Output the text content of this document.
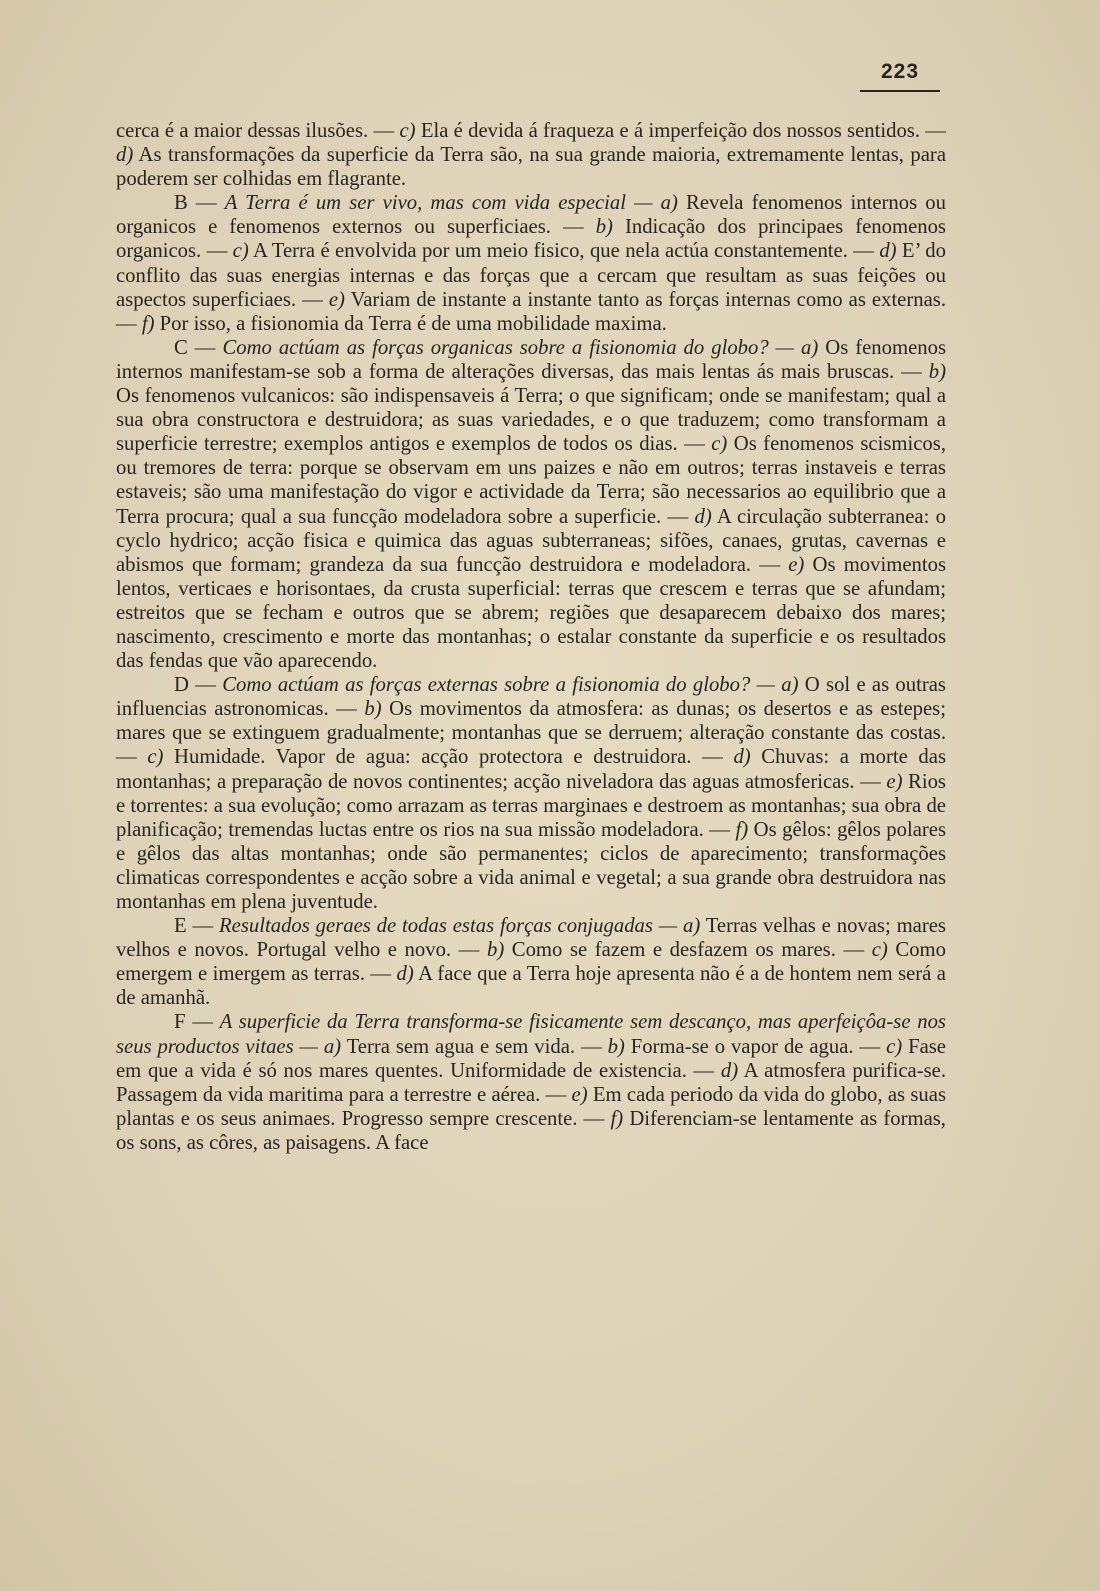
223

cerca é a maior dessas ilusões. — c) Ela é devida á fraqueza e á imperfeição dos nossos sentidos. — d) As transformações da superficie da Terra são, na sua grande maioria, extremamente lentas, para poderem ser colhidas em flagrante.

B — A Terra é um ser vivo, mas com vida especial — a) Revela fenomenos internos ou organicos e fenomenos externos ou superficiaes. — b) Indicação dos principaes fenomenos organicos. — c) A Terra é envolvida por um meio fisico, que nela actúa constantemente. — d) E’ do conflito das suas energias internas e das forças que a cercam que resultam as suas feições ou aspectos superficiaes. — e) Variam de instante a instante tanto as forças internas como as externas. — f) Por isso, a fisionomia da Terra é de uma mobilidade maxima.

C — Como actúam as forças organicas sobre a fisionomia do globo? — a) Os fenomenos internos manifestam-se sob a forma de alterações diversas, das mais lentas ás mais bruscas. — b) Os fenomenos vulcanicos: são indispensaveis á Terra; o que significam; onde se manifestam; qual a sua obra constructora e destruidora; as suas variedades, e o que traduzem; como transformam a superficie terrestre; exemplos antigos e exemplos de todos os dias. — c) Os fenomenos scismicos, ou tremores de terra: porque se observam em uns paizes e não em outros; terras instaveis e terras estaveis; são uma manifestação do vigor e actividade da Terra; são necessarios ao equilibrio que a Terra procura; qual a sua funcção modeladora sobre a superficie. — d) A circulação subterranea: o cyclo hydrico; acção fisica e quimica das aguas subterraneas; sifões, canaes, grutas, cavernas e abismos que formam; grandeza da sua funcção destruidora e modeladora. — e) Os movimentos lentos, verticaes e horisontaes, da crusta superficial: terras que crescem e terras que se afundam; estreitos que se fecham e outros que se abrem; regiões que desaparecem debaixo dos mares; nascimento, crescimento e morte das montanhas; o estalar constante da superficie e os resultados das fendas que vão aparecendo.

D — Como actúam as forças externas sobre a fisionomia do globo? — a) O sol e as outras influencias astronomicas. — b) Os movimentos da atmosfera: as dunas; os desertos e as estepes; mares que se extinguem gradualmente; montanhas que se derruem; alteração constante das costas. — c) Humidade. Vapor de agua: acção protectora e destruidora. — d) Chuvas: a morte das montanhas; a preparação de novos continentes; acção niveladora das aguas atmosfericas. — e) Rios e torrentes: a sua evolução; como arrazam as terras marginaes e destroem as montanhas; sua obra de planificação; tremendas luctas entre os rios na sua missão modeladora. — f) Os gêlos: gêlos polares e gêlos das altas montanhas; onde são permanentes; ciclos de aparecimento; transformações climaticas correspondentes e acção sobre a vida animal e vegetal; a sua grande obra destruidora nas montanhas em plena juventude.

E — Resultados geraes de todas estas forças conjugadas — a) Terras velhas e novas; mares velhos e novos. Portugal velho e novo. — b) Como se fazem e desfazem os mares. — c) Como emergem e imergem as terras. — d) A face que a Terra hoje apresenta não é a de hontem nem será a de amanhã.

F — A superficie da Terra transforma-se fisicamente sem descanço, mas aperfeiçôa-se nos seus productos vitaes — a) Terra sem agua e sem vida. — b) Forma-se o vapor de agua. — c) Fase em que a vida é só nos mares quentes. Uniformidade de existencia. — d) A atmosfera purifica-se. Passagem da vida maritima para a terrestre e aérea. — e) Em cada periodo da vida do globo, as suas plantas e os seus animaes. Progresso sempre crescente. — f) Diferenciam-se lentamente as formas, os sons, as côres, as paisagens. A face
